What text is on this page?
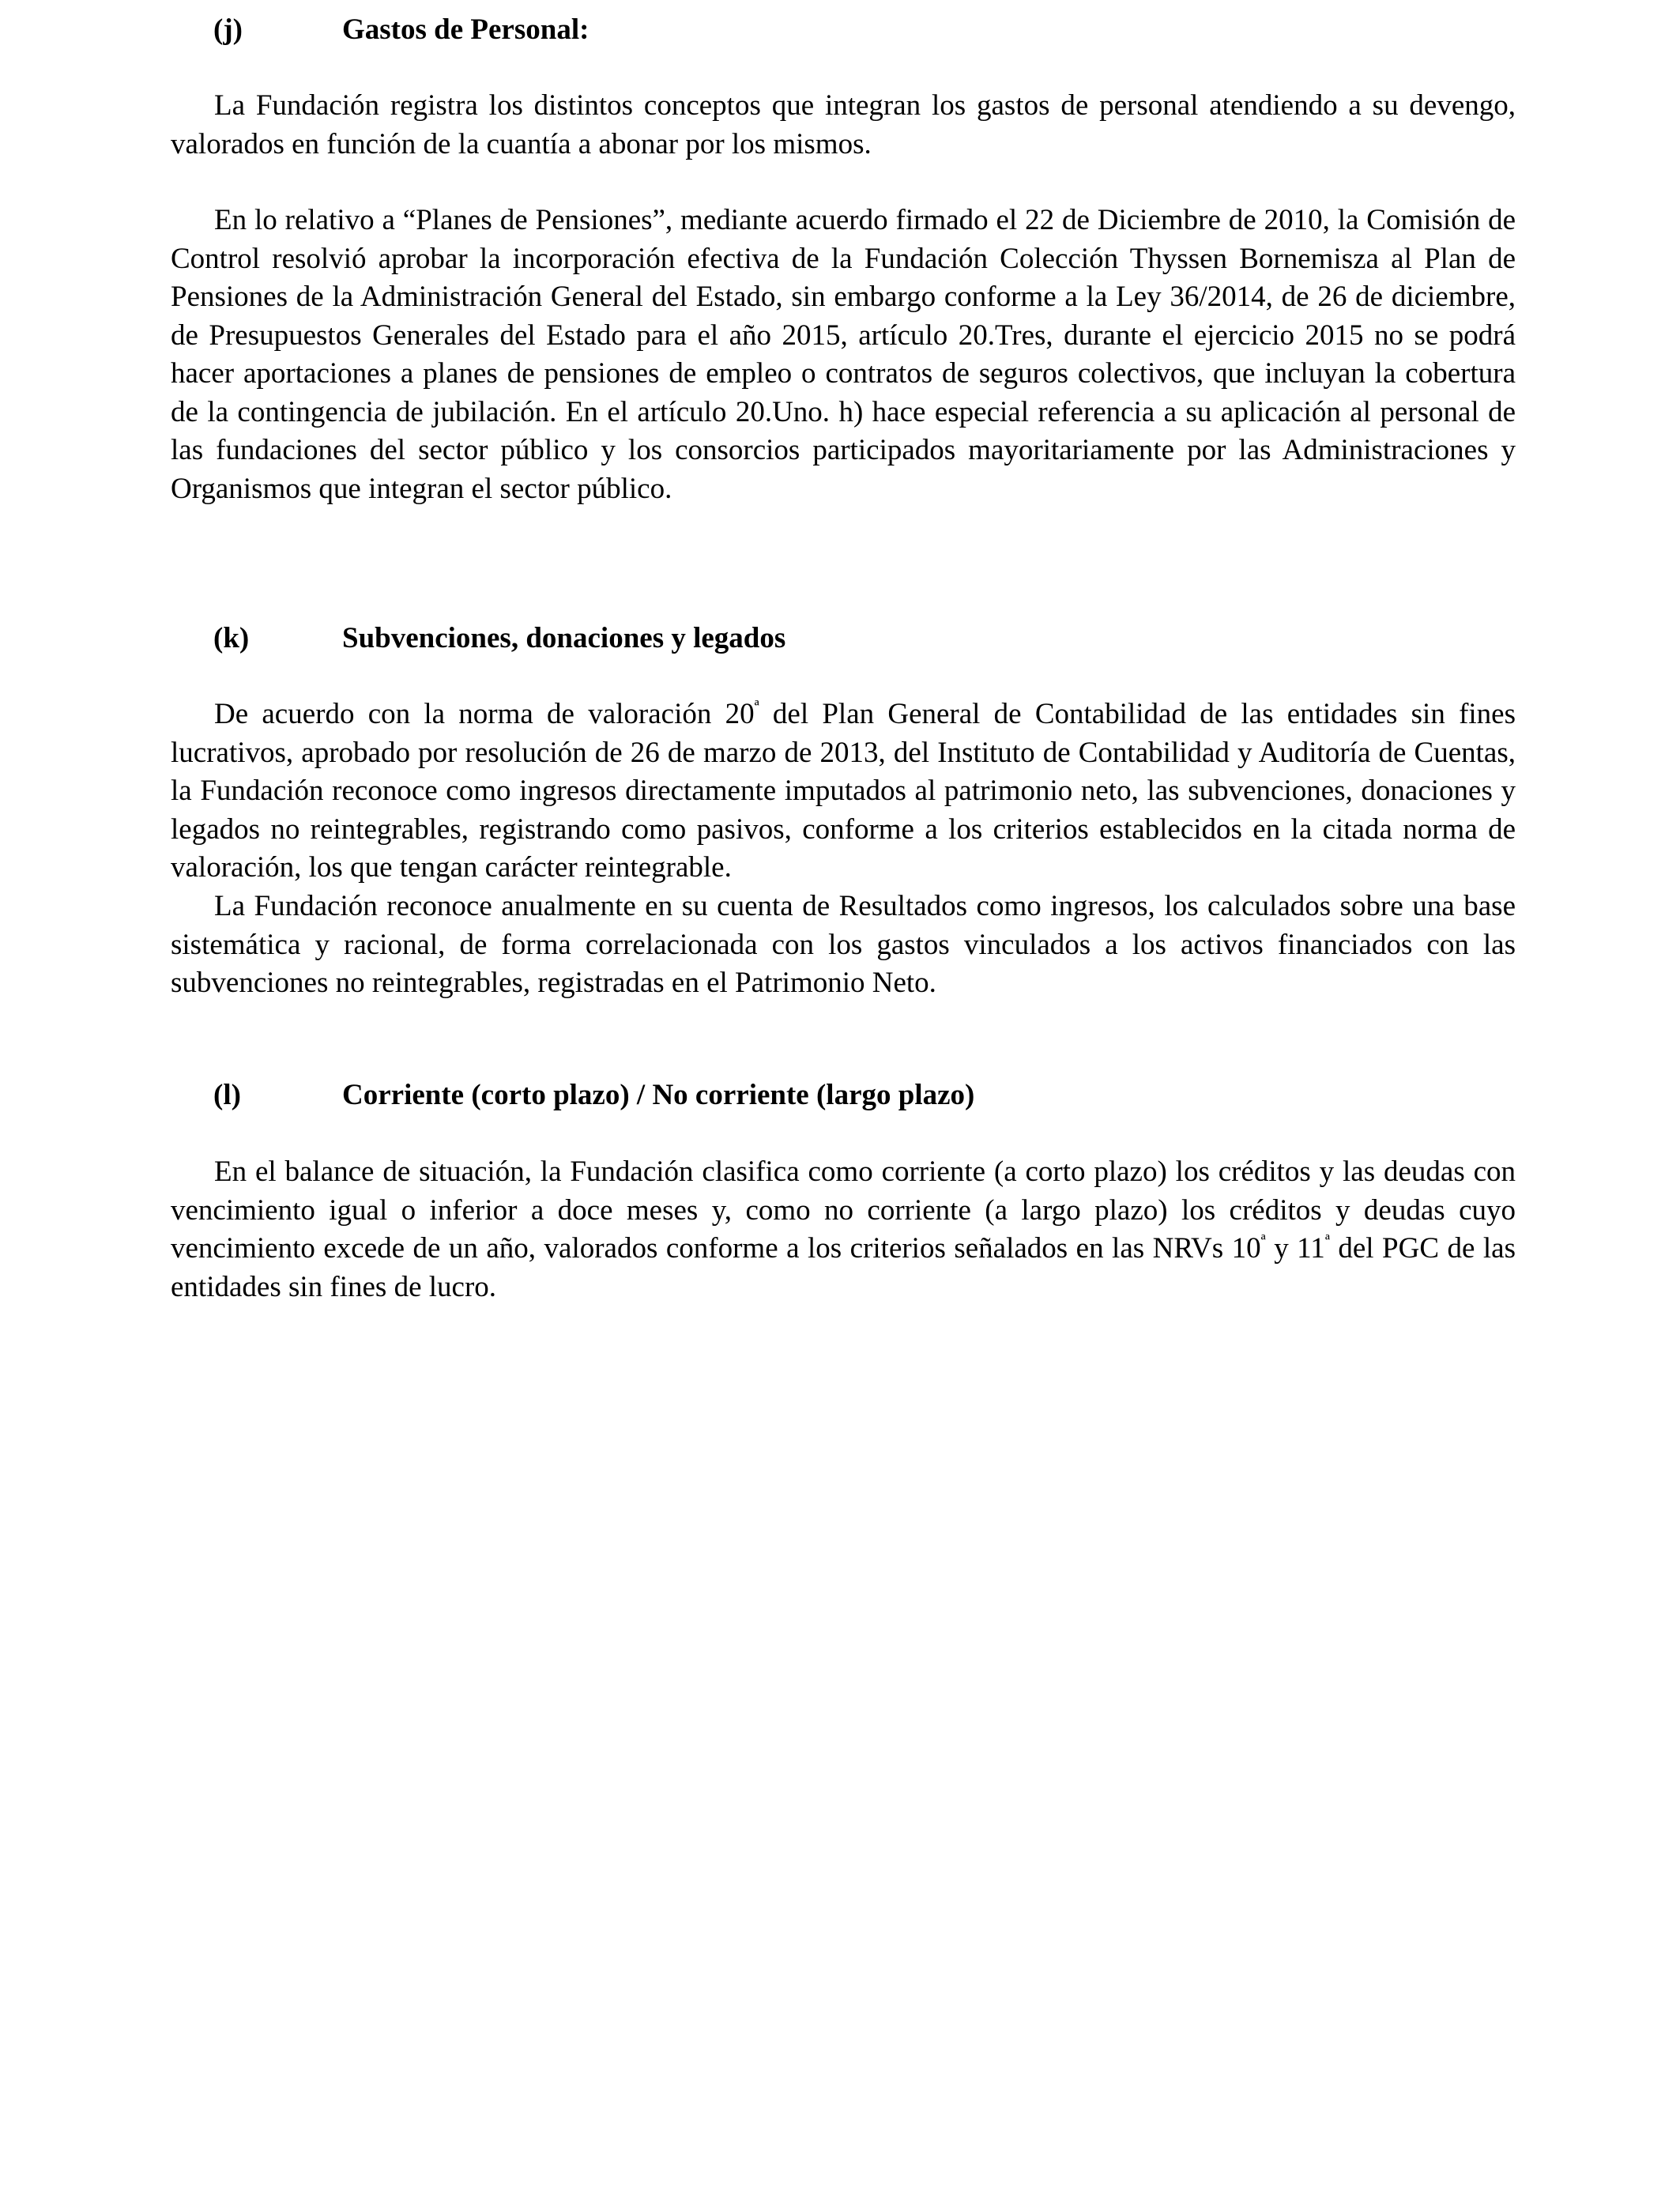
(j)	Gastos de Personal:

La Fundación registra los distintos conceptos que integran los gastos de personal atendiendo a su devengo, valorados en función de la cuantía a abonar por los mismos.

En lo relativo a “Planes de Pensiones”, mediante acuerdo firmado el 22 de Diciembre de 2010, la Comisión de Control resolvió aprobar la incorporación efectiva de la Fundación Colección Thyssen Bornemisza al Plan de Pensiones de la Administración General del Estado, sin embargo conforme a la Ley 36/2014, de 26 de diciembre, de Presupuestos Generales del Estado para el año 2015, artículo 20.Tres, durante el ejercicio 2015 no se podrá hacer aportaciones a planes de pensiones de empleo o contratos de seguros colectivos, que incluyan la cobertura de la contingencia de jubilación. En el artículo 20.Uno. h) hace especial referencia a su aplicación al personal de las fundaciones del sector público y los consorcios participados mayoritariamente por las Administraciones y Organismos que integran el sector público.

(k)	Subvenciones, donaciones y legados

De acuerdo con la norma de valoración $20^ª$ del Plan General de Contabilidad de las entidades sin fines lucrativos, aprobado por resolución de 26 de marzo de 2013, del Instituto de Contabilidad y Auditoría de Cuentas, la Fundación reconoce como ingresos directamente imputados al patrimonio neto, las subvenciones, donaciones y legados no reintegrables, registrando como pasivos, conforme a los criterios establecidos en la citada norma de valoración, los que tengan carácter reintegrable.

La Fundación reconoce anualmente en su cuenta de Resultados como ingresos, los calculados sobre una base sistemática y racional, de forma correlacionada con los gastos vinculados a los activos financiados con las subvenciones no reintegrables, registradas en el Patrimonio Neto.

(l)	Corriente (corto plazo) / No corriente (largo plazo)

En el balance de situación, la Fundación clasifica como corriente (a corto plazo) los créditos y las deudas con vencimiento igual o inferior a doce meses y, como no corriente (a largo plazo) los créditos y deudas cuyo vencimiento excede de un año, valorados conforme a los criterios señalados en las NRVs $10^ª$ y $11^ª$ del PGC de las entidades sin fines de lucro.
